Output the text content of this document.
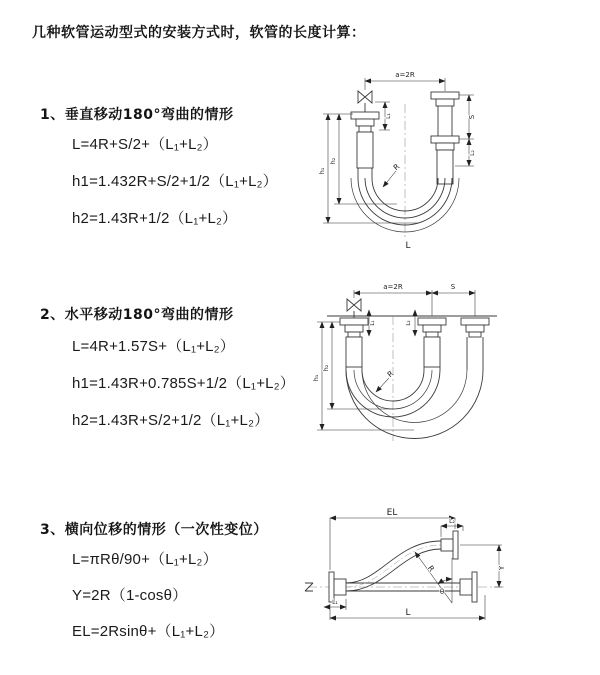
几种软管运动型式的安装方式时，软管的长度计算：
1、垂直移动180°弯曲的情形
L=4R+S/2+（L₁+L₂）
h1=1.432R+S/2+1/2（L₁+L₂）
h2=1.43R+1/2（L₁+L₂）
2、水平移动180°弯曲的情形
L=4R+1.57S+（L₁+L₂）
h1=1.43R+0.785S+1/2（L₁+L₂）
h2=1.43R+S/2+1/2（L₁+L₂）
3、横向位移的情形（一次性变位）
L=πRθ/90+（L₁+L₂）
Y=2R（1-cosθ）
EL=2Rsinθ+（L₁+L₂）
a=2R
h₁
h₂
L₁	S
L₂
R
L
a=2R	S
h₁
h₂
L₁	L₂
R
EL
L₂
Y
L
L₁
R
θ
